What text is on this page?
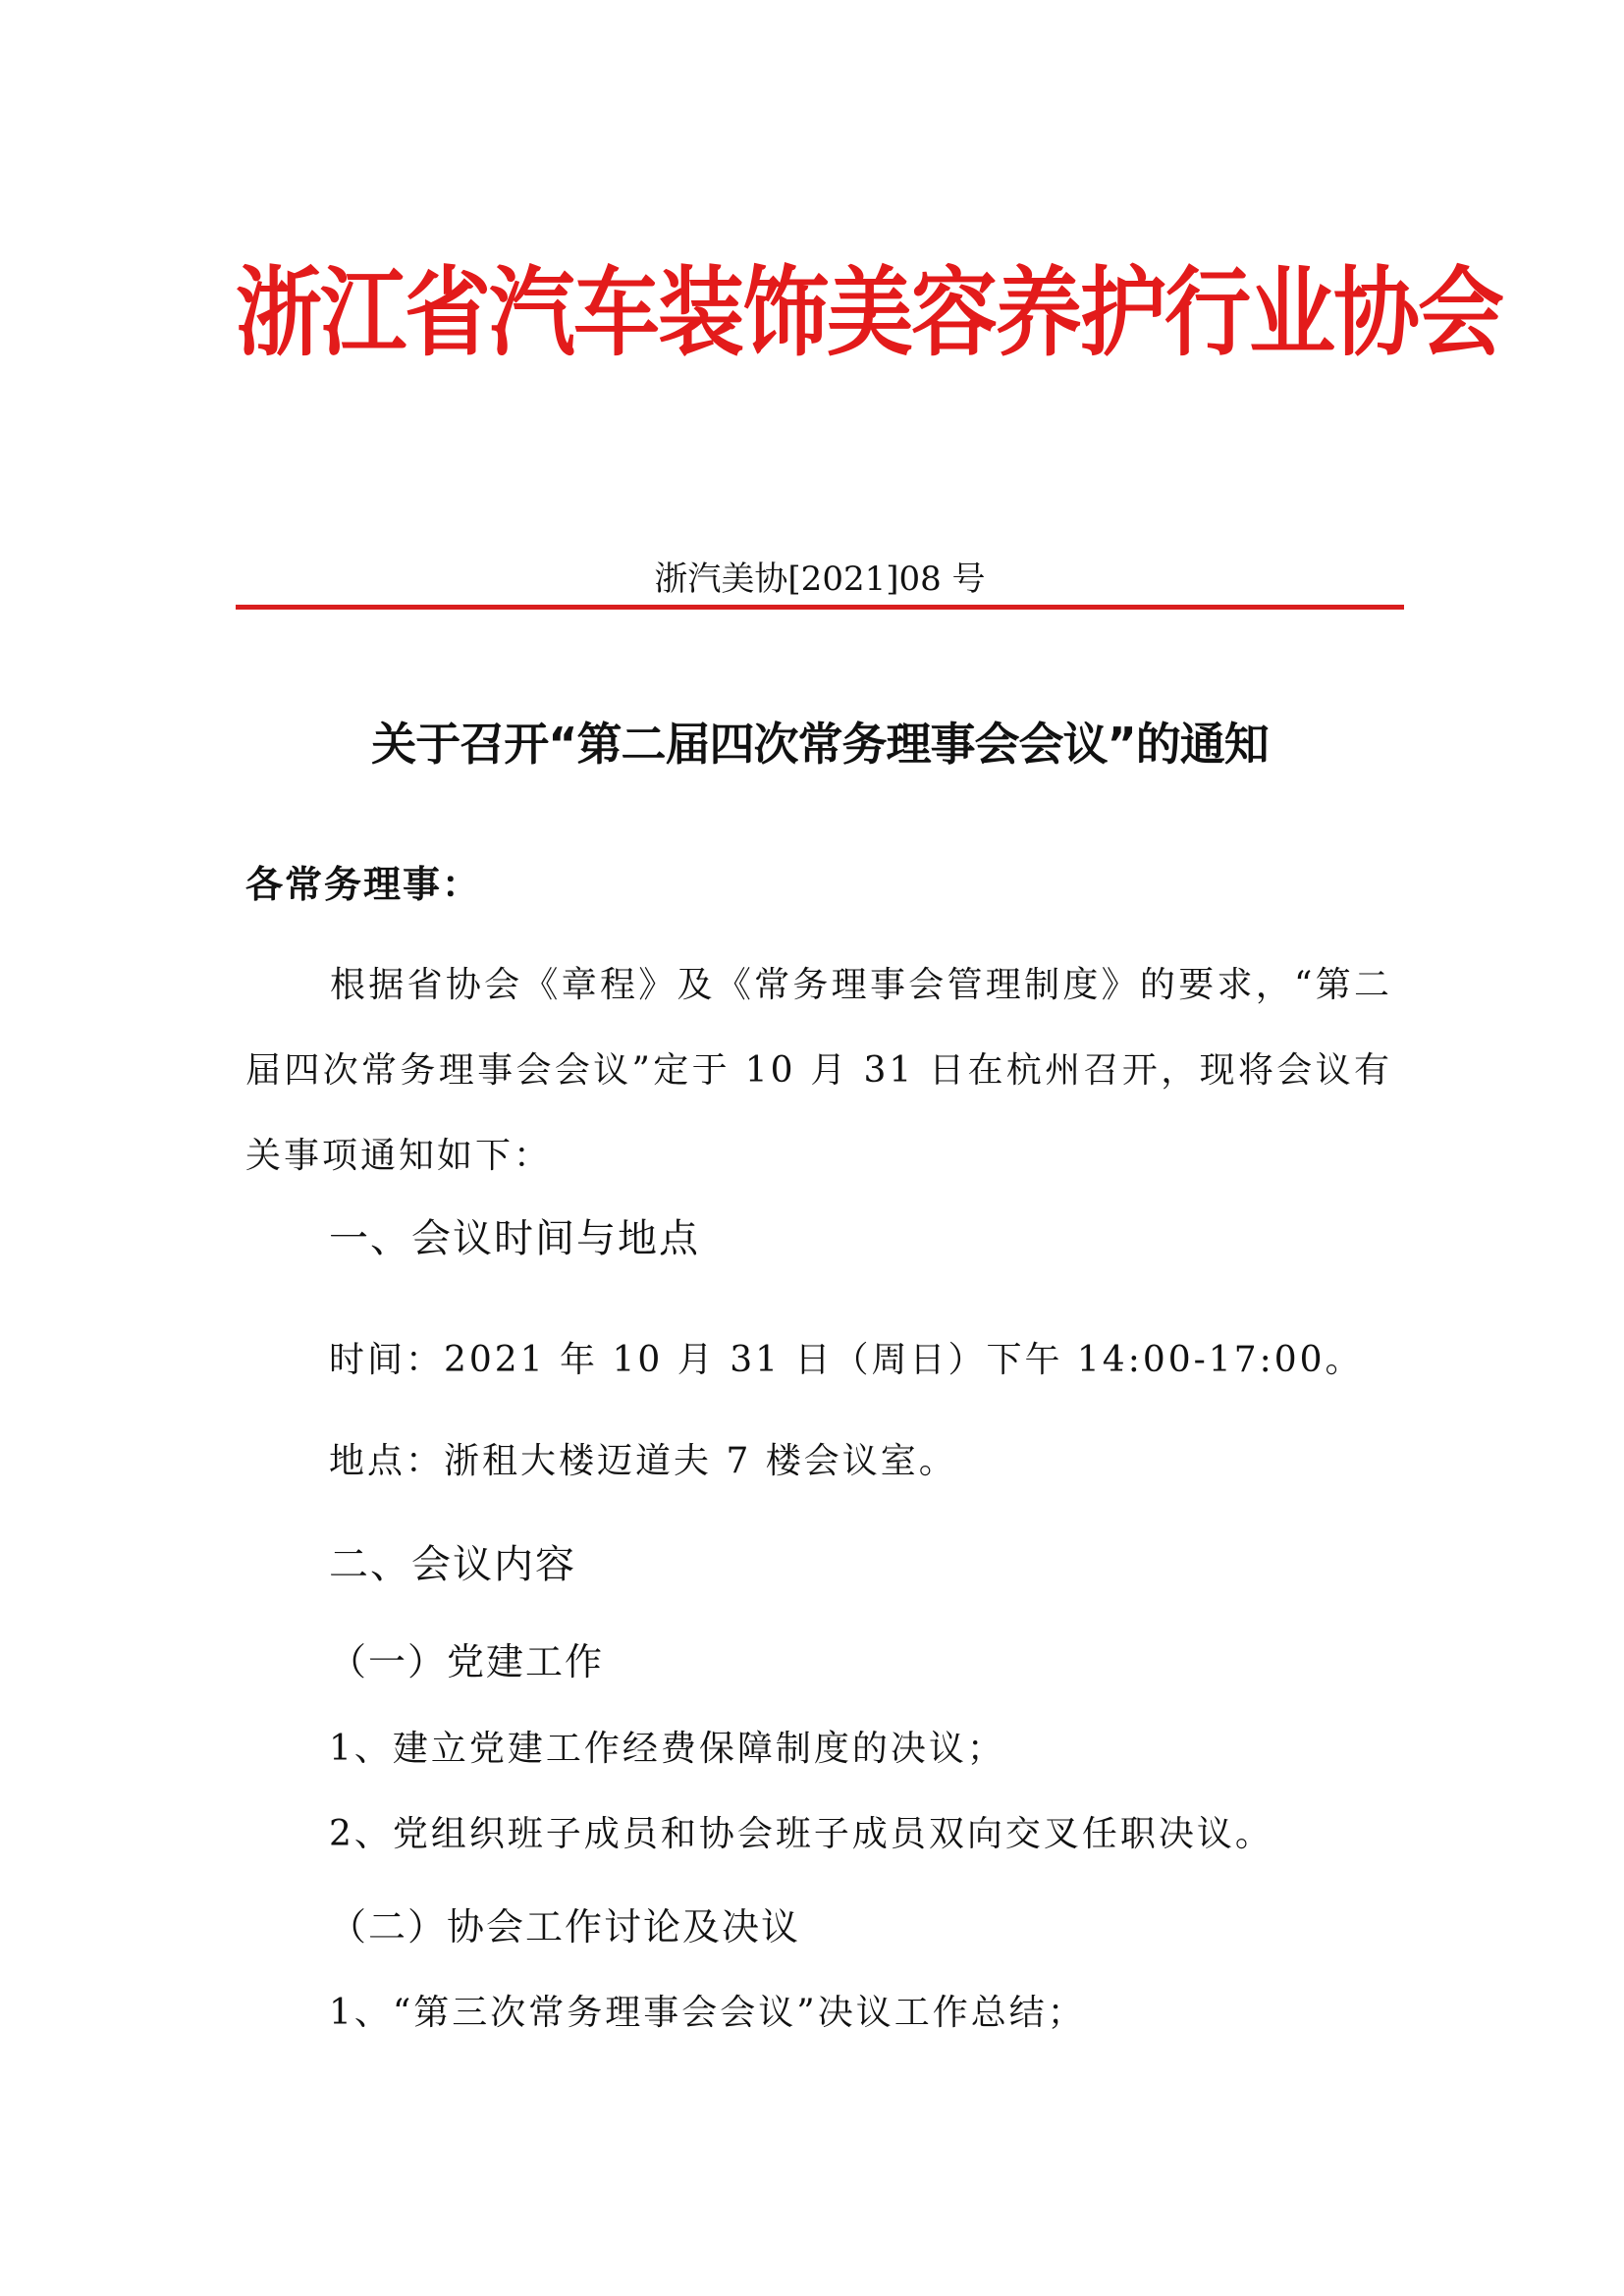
浙江省汽车装饰美容养护行业协会
浙汽美协[2021]08 号
关于召开“第二届四次常务理事会会议”的通知
各常务理事：
根据省协会《章程》及《常务理事会管理制度》的要求，“第二届四次常务理事会会议”定于 10 月 31 日在杭州召开，现将会议有关事项通知如下：
一、会议时间与地点
时间：2021 年 10 月 31 日（周日）下午 14:00-17:00。
地点：浙租大楼迈道夫 7 楼会议室。
二、会议内容
（一）党建工作
1、建立党建工作经费保障制度的决议；
2、党组织班子成员和协会班子成员双向交叉任职决议。
（二）协会工作讨论及决议
1、“第三次常务理事会会议”决议工作总结；
